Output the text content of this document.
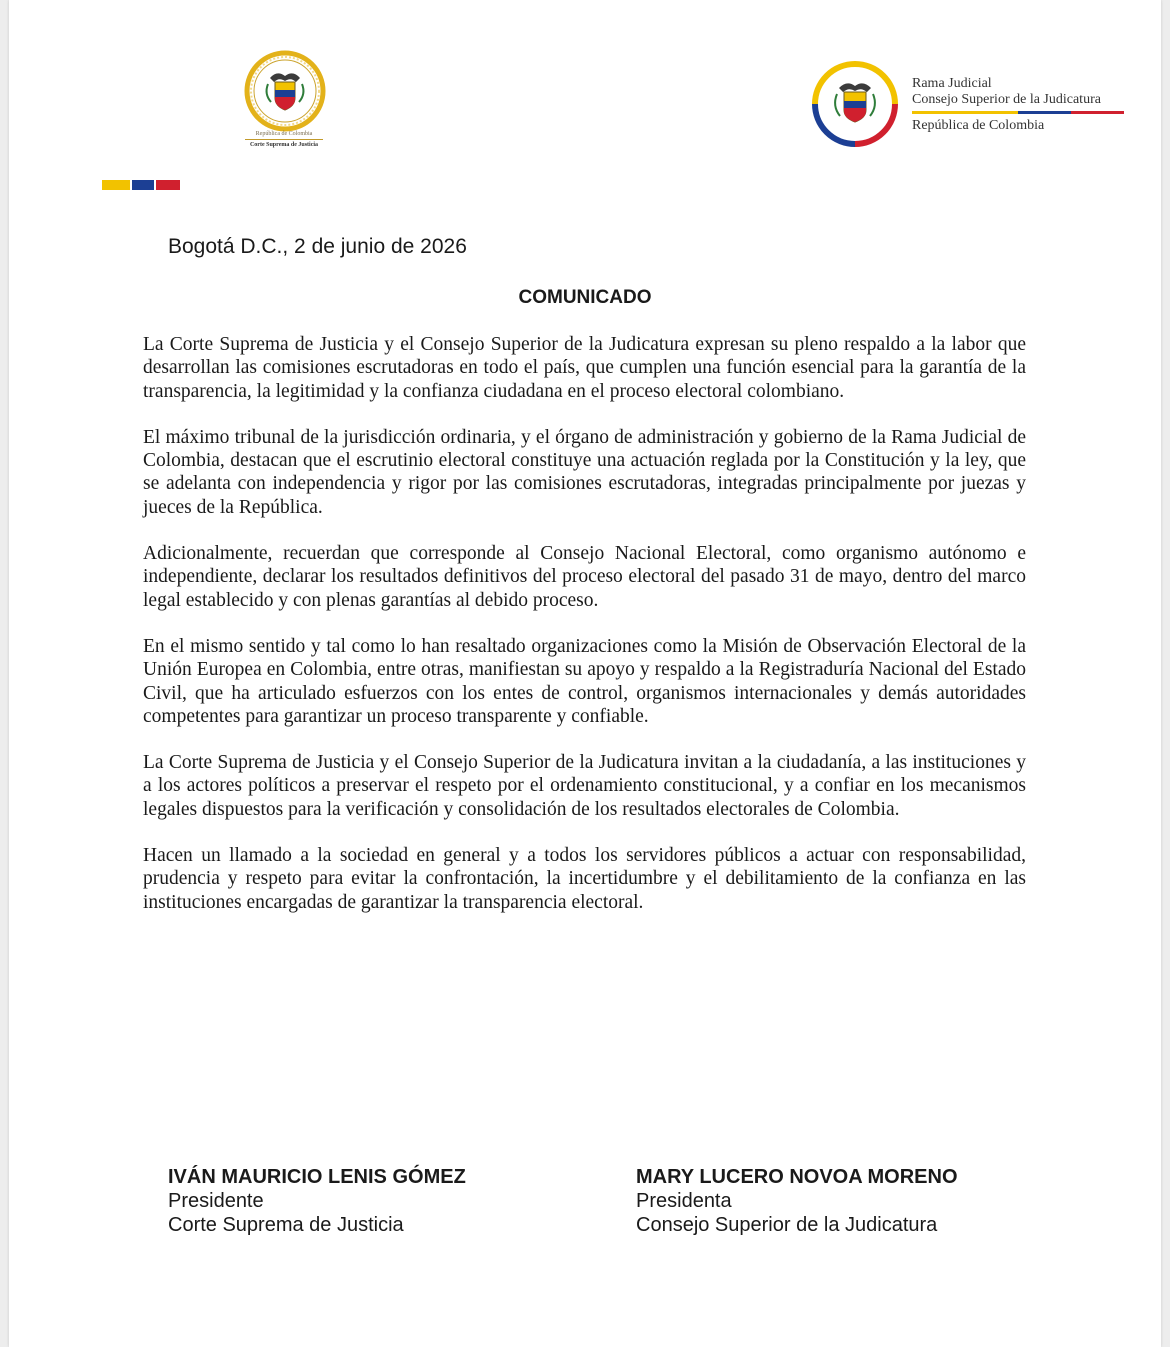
República de Colombia
Corte Suprema de Justicia
Rama Judicial
Consejo Superior de la Judicatura
República de Colombia
Bogotá D.C., 2 de junio de 2026
COMUNICADO

La Corte Suprema de Justicia y el Consejo Superior de la Judicatura expresan su pleno respaldo a la labor que desarrollan las comisiones escrutadoras en todo el país, que cumplen una función esencial para la garantía de la transparencia, la legitimidad y la confianza ciudadana en el proceso electoral colombiano.

El máximo tribunal de la jurisdicción ordinaria, y el órgano de administración y gobierno de la Rama Judicial de Colombia, destacan que el escrutinio electoral constituye una actuación reglada por la Constitución y la ley, que se adelanta con independencia y rigor por las comisiones escrutadoras, integradas principalmente por juezas y jueces de la República.

Adicionalmente, recuerdan que corresponde al Consejo Nacional Electoral, como organismo autónomo e independiente, declarar los resultados definitivos del proceso electoral del pasado 31 de mayo, dentro del marco legal establecido y con plenas garantías al debido proceso.

En el mismo sentido y tal como lo han resaltado organizaciones como la Misión de Observación Electoral de la Unión Europea en Colombia, entre otras, manifiestan su apoyo y respaldo a la Registraduría Nacional del Estado Civil, que ha articulado esfuerzos con los entes de control, organismos internacionales y demás autoridades competentes para garantizar un proceso transparente y confiable.

La Corte Suprema de Justicia y el Consejo Superior de la Judicatura invitan a la ciudadanía, a las instituciones y a los actores políticos a preservar el respeto por el ordenamiento constitucional, y a confiar en los mecanismos legales dispuestos para la verificación y consolidación de los resultados electorales de Colombia.

Hacen un llamado a la sociedad en general y a todos los servidores públicos a actuar con responsabilidad, prudencia y respeto para evitar la confrontación, la incertidumbre y el debilitamiento de la confianza en las instituciones encargadas de garantizar la transparencia electoral.

IVÁN MAURICIO LENIS GÓMEZ
Presidente
Corte Suprema de Justicia
MARY LUCERO NOVOA MORENO
Presidenta
Consejo Superior de la Judicatura
